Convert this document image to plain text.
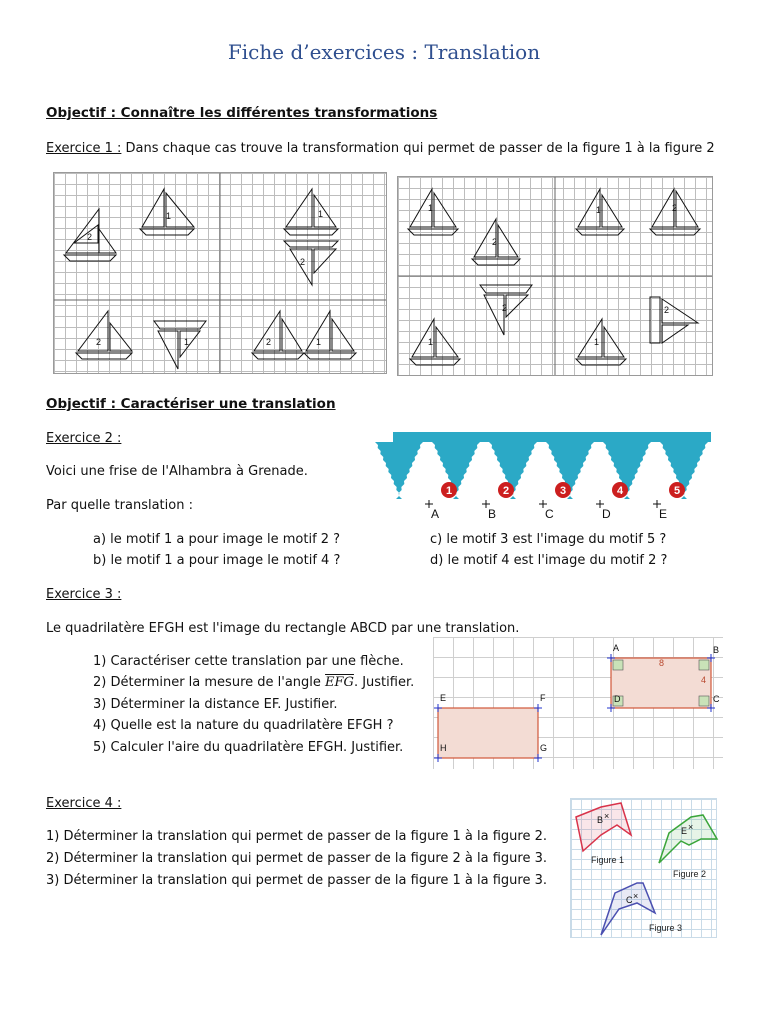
Fiche d’exercices : Translation
Objectif : Connaître les différentes transformations
Exercice 1 : Dans chaque cas trouve la transformation qui permet de passer de la figure 1 à la figure 2
2
1	1
2
2	1	2	1
1
2
1	2
2
1	1
2
Objectif : Caractériser une translation
Exercice 2 :
Voici une frise de l'Alhambra à Grenade.
Par quelle translation :
a) le motif 1 a pour image le motif 2 ?
b) le motif 1 a pour image le motif 4 ?
c) le motif 3 est l'image du motif 5 ?
d) le motif 4 est l'image du motif 2 ?
1	2	3	4	5
A	B	C	D	E
Exercice 3 :
Le quadrilatère EFGH est l'image du rectangle ABCD par une translation.
1) Caractériser cette translation par une flèche.
2) Déterminer la mesure de l'angle $\overline{EFG}$. Justifier.
3) Déterminer la distance EF. Justifier.
4) Quelle est la nature du quadrilatère EFGH ?
5) Calculer l'aire du quadrilatère EFGH. Justifier.
A	B
C
D
E	F
G
H
8
4
Exercice 4 :
1) Déterminer la translation qui permet de passer de la figure 1 à la figure 2.
2) Déterminer la translation qui permet de passer de la figure 2 à la figure 3.
3) Déterminer la translation qui permet de passer de la figure 1 à la figure 3.
B ×
Figure 1
E ×
Figure 2
C ×
Figure 3
